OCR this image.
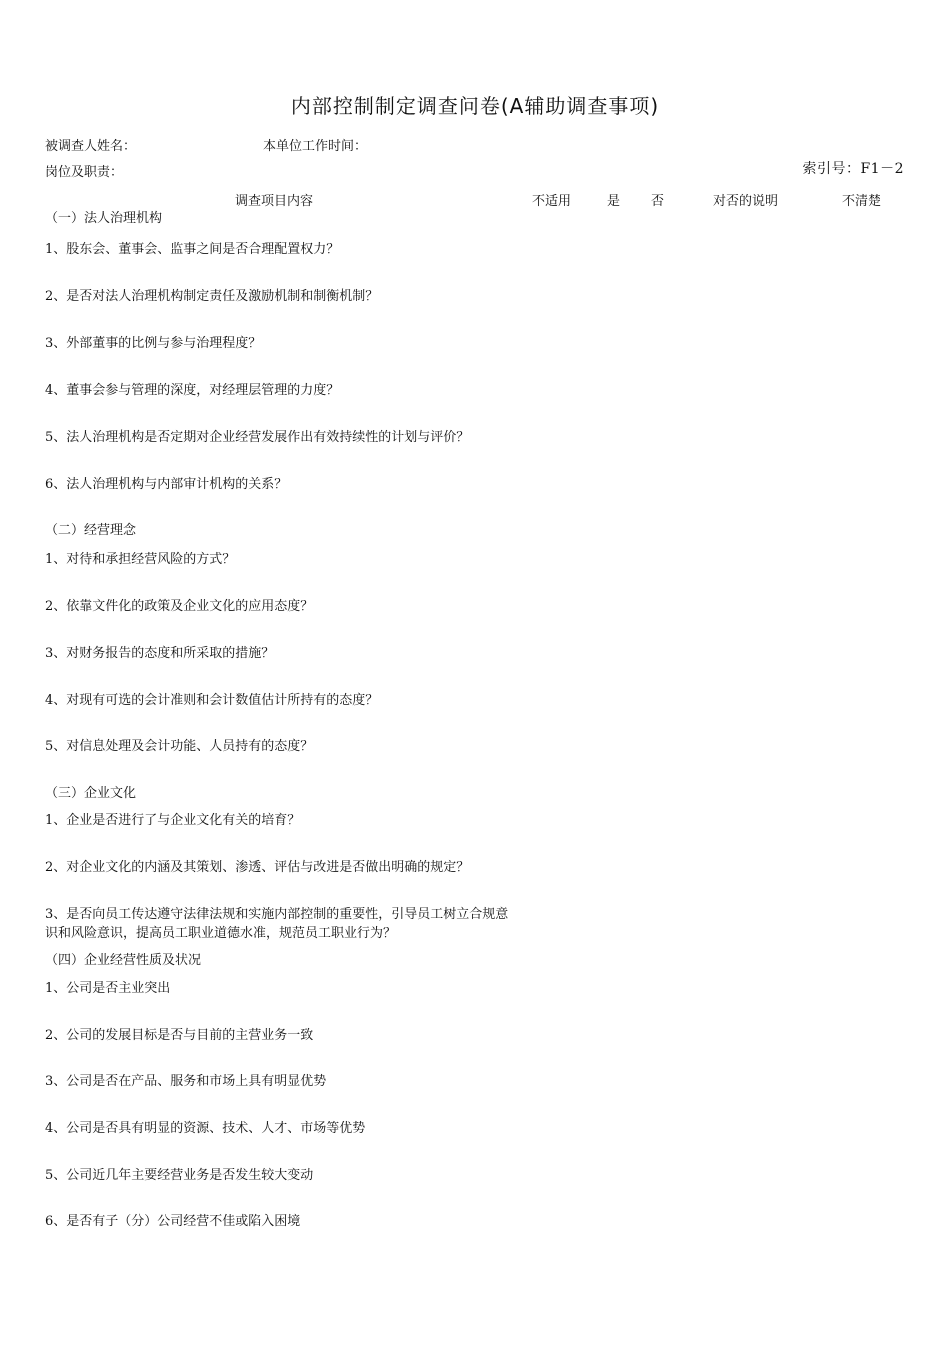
内部控制制定调查问卷(A辅助调查事项)
被调查人姓名：	本单位工作时间：
岗位及职责：	索引号：F1－2
调查项目内容	不适用	是 否	对否的说明	不清楚
（一）法人治理机构
1、股东会、董事会、监事之间是否合理配置权力？
2、是否对法人治理机构制定责任及激励机制和制衡机制？
3、外部董事的比例与参与治理程度？
4、董事会参与管理的深度，对经理层管理的力度？
5、法人治理机构是否定期对企业经营发展作出有效持续性的计划与评价？
6、法人治理机构与内部审计机构的关系？
（二）经营理念
1、对待和承担经营风险的方式？
2、依靠文件化的政策及企业文化的应用态度？
3、对财务报告的态度和所采取的措施？
4、对现有可选的会计准则和会计数值估计所持有的态度？
5、对信息处理及会计功能、人员持有的态度？
（三）企业文化
1、企业是否进行了与企业文化有关的培育？
2、对企业文化的内涵及其策划、渗透、评估与改进是否做出明确的规定？
3、是否向员工传达遵守法律法规和实施内部控制的重要性，引导员工树立合规意识和风险意识，提高员工职业道德水准，规范员工职业行为？
（四）企业经营性质及状况
1、公司是否主业突出
2、公司的发展目标是否与目前的主营业务一致
3、公司是否在产品、服务和市场上具有明显优势
4、公司是否具有明显的资源、技术、人才、市场等优势
5、公司近几年主要经营业务是否发生较大变动
6、是否有子（分）公司经营不佳或陷入困境
